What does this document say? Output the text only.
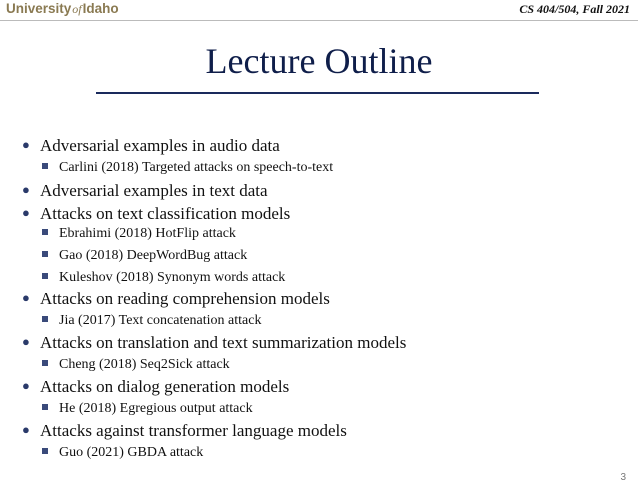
UniversityofIdaho	CS 404/504, Fall 2021
Lecture Outline
● Adversarial examples in audio data
Carlini (2018) Targeted attacks on speech-to-text
● Adversarial examples in text data
● Attacks on text classification models
Ebrahimi (2018) HotFlip attack
Gao (2018) DeepWordBug attack
Kuleshov (2018) Synonym words attack
● Attacks on reading comprehension models
Jia (2017) Text concatenation attack
● Attacks on translation and text summarization models
Cheng (2018) Seq2Sick attack
● Attacks on dialog generation models
He (2018) Egregious output attack
● Attacks against transformer language models
Guo (2021) GBDA attack
3
